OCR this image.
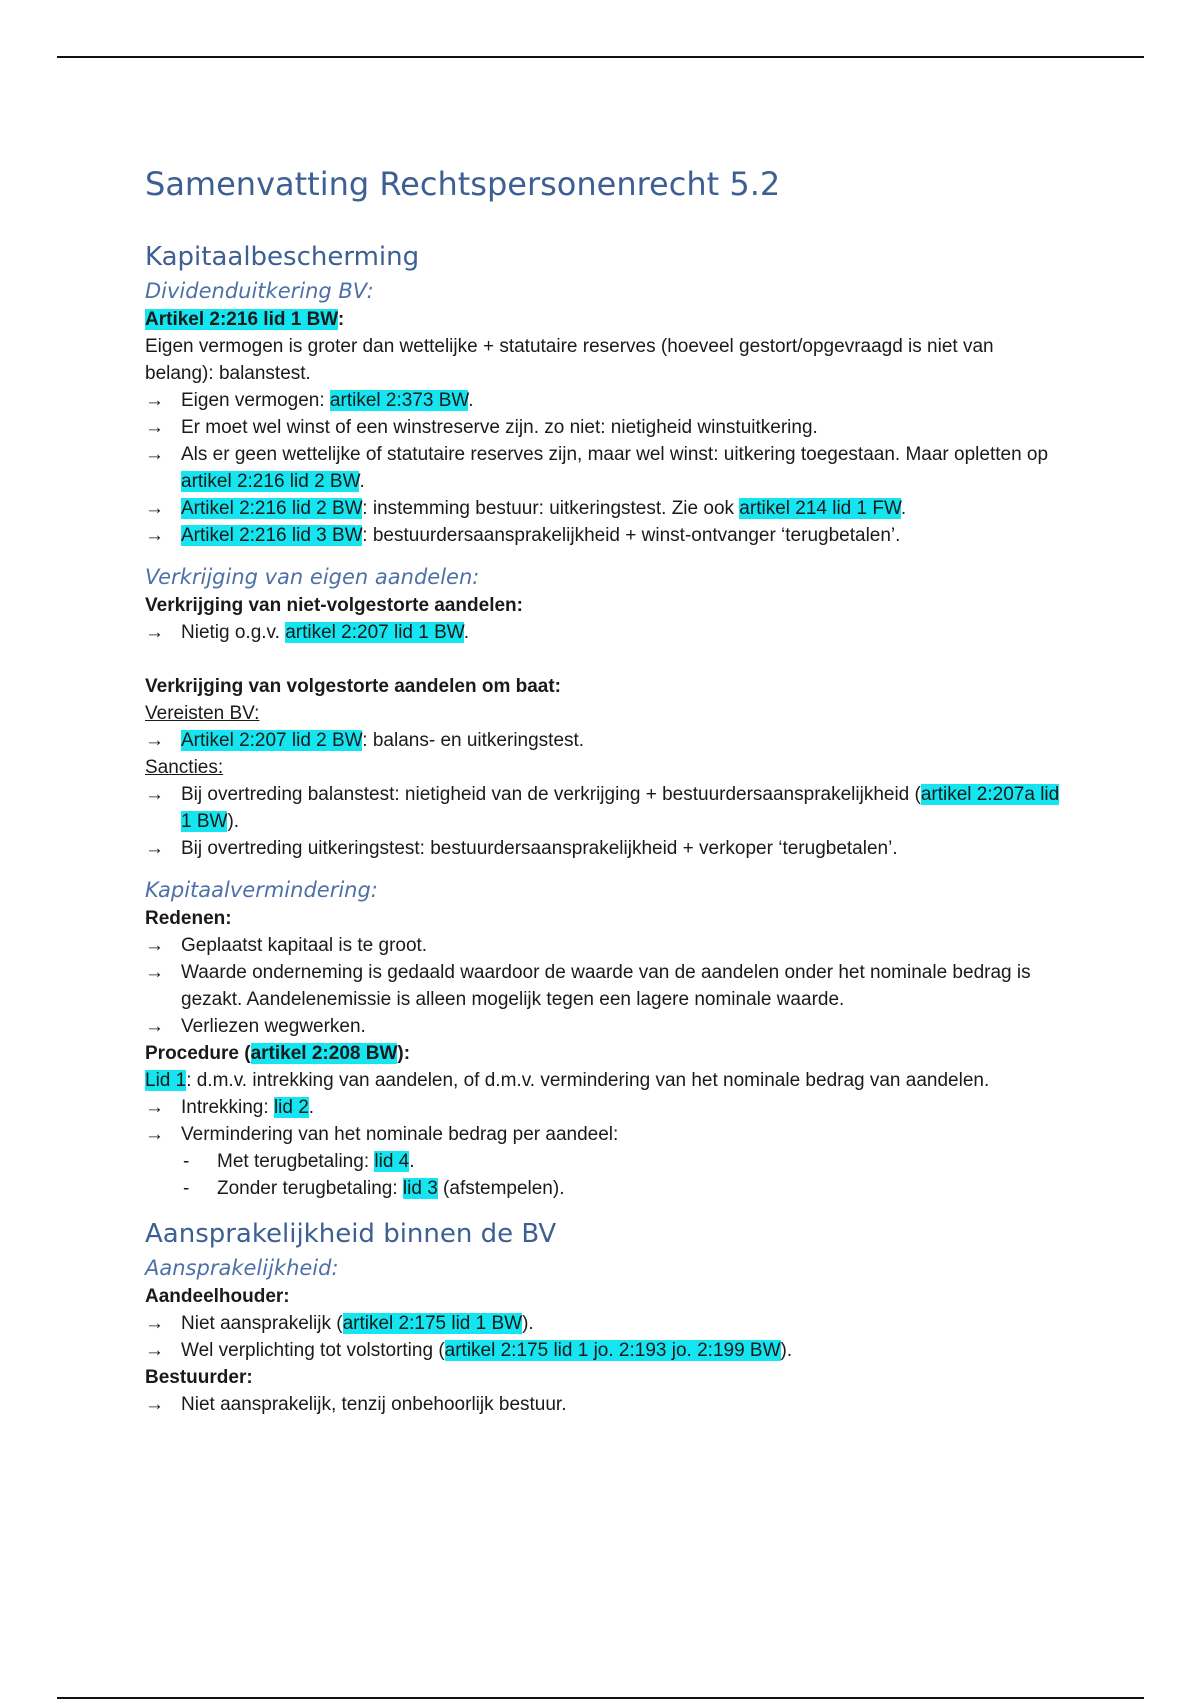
Samenvatting Rechtspersonenrecht 5.2
Kapitaalbescherming
Dividenduitkering BV:

Artikel 2:216 lid 1 BW:

Eigen vermogen is groter dan wettelijke + statutaire reserves (hoeveel gestort/opgevraagd is niet van belang): balanstest.

→ Eigen vermogen: artikel 2:373 BW.
→ Er moet wel winst of een winstreserve zijn. zo niet: nietigheid winstuitkering.
→ Als er geen wettelijke of statutaire reserves zijn, maar wel winst: uitkering toegestaan. Maar opletten op artikel 2:216 lid 2 BW.
→ Artikel 2:216 lid 2 BW: instemming bestuur: uitkeringstest. Zie ook artikel 214 lid 1 FW.
→ Artikel 2:216 lid 3 BW: bestuurdersaansprakelijkheid + winst-ontvanger ‘terugbetalen’.
Verkrijging van eigen aandelen:

Verkrijging van niet-volgestorte aandelen:

→ Nietig o.g.v. artikel 2:207 lid 1 BW.

Verkrijging van volgestorte aandelen om baat:

Vereisten BV:

→ Artikel 2:207 lid 2 BW: balans- en uitkeringstest.

Sancties:

→ Bij overtreding balanstest: nietigheid van de verkrijging + bestuurdersaansprakelijkheid (artikel 2:207a lid 1 BW).
→ Bij overtreding uitkeringstest: bestuurdersaansprakelijkheid + verkoper ‘terugbetalen’.
Kapitaalvermindering:

Redenen:

→ Geplaatst kapitaal is te groot.
→ Waarde onderneming is gedaald waardoor de waarde van de aandelen onder het nominale bedrag is gezakt. Aandelenemissie is alleen mogelijk tegen een lagere nominale waarde.
→ Verliezen wegwerken.

Procedure (artikel 2:208 BW):

Lid 1: d.m.v. intrekking van aandelen, of d.m.v. vermindering van het nominale bedrag van aandelen.

→ Intrekking: lid 2.
→ Vermindering van het nominale bedrag per aandeel:
-	Met terugbetaling: lid 4.
-	Zonder terugbetaling: lid 3 (afstempelen).
Aansprakelijkheid binnen de BV
Aansprakelijkheid:

Aandeelhouder:

→ Niet aansprakelijk (artikel 2:175 lid 1 BW).
→ Wel verplichting tot volstorting (artikel 2:175 lid 1 jo. 2:193 jo. 2:199 BW).

Bestuurder:

→ Niet aansprakelijk, tenzij onbehoorlijk bestuur.
